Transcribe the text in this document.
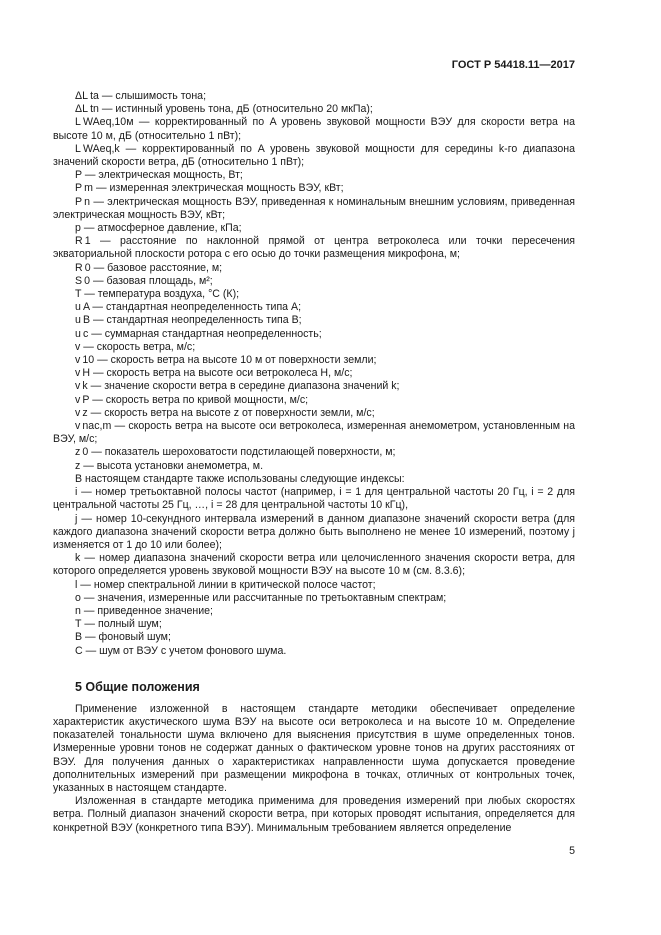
ГОСТ Р 54418.11—2017

ΔL ta — слышимость тона;

ΔL tn — истинный уровень тона, дБ (относительно 20 мкПа);

L WAeq,10м — корректированный по A уровень звуковой мощности ВЭУ для скорости ветра на высоте 10 м, дБ (относительно 1 пВт);

L WAeq,k — корректированный по A уровень звуковой мощности для середины k-го диапазона значений скорости ветра, дБ (относительно 1 пВт);

P — электрическая мощность, Вт;

P m — измеренная электрическая мощность ВЭУ, кВт;

P n — электрическая мощность ВЭУ, приведенная к номинальным внешним условиям, приведенная электрическая мощность ВЭУ, кВт;

p — атмосферное давление, кПа;

R 1 — расстояние по наклонной прямой от центра ветроколеса или точки пересечения экваториальной плоскости ротора с его осью до точки размещения микрофона, м;

R 0 — базовое расстояние, м;

S 0 — базовая площадь, м²;

T — температура воздуха, °С (К);

u A — стандартная неопределенность типа А;

u B — стандартная неопределенность типа В;

u c — суммарная стандартная неопределенность;

v — скорость ветра, м/с;

v 10 — скорость ветра на высоте 10 м от поверхности земли;

v H — скорость ветра на высоте оси ветроколеса H, м/с;

v k — значение скорости ветра в середине диапазона значений k;

v P — скорость ветра по кривой мощности, м/с;

v z — скорость ветра на высоте z от поверхности земли, м/с;

v nac,m — скорость ветра на высоте оси ветроколеса, измеренная анемометром, установленным на ВЭУ, м/с;

z 0 — показатель шероховатости подстилающей поверхности, м;

z — высота установки анемометра, м.

В настоящем стандарте также использованы следующие индексы:

i — номер третьоктавной полосы частот (например, i = 1 для центральной частоты 20 Гц, i = 2 для центральной частоты 25 Гц, …, i = 28 для центральной частоты 10 кГц),

j — номер 10-секундного интервала измерений в данном диапазоне значений скорости ветра (для каждого диапазона значений скорости ветра должно быть выполнено не менее 10 измерений, поэтому j изменяется от 1 до 10 или более);

k — номер диапазона значений скорости ветра или целочисленного значения скорости ветра, для которого определяется уровень звуковой мощности ВЭУ на высоте 10 м (см. 8.3.6);

l — номер спектральной линии в критической полосе частот;

o — значения, измеренные или рассчитанные по третьоктавным спектрам;

n — приведенное значение;

Т — полный шум;

В — фоновый шум;

С — шум от ВЭУ с учетом фонового шума.

5 Общие положения

Применение изложенной в настоящем стандарте методики обеспечивает определение характеристик акустического шума ВЭУ на высоте оси ветроколеса и на высоте 10 м. Определение показателей тональности шума включено для выяснения присутствия в шуме определенных тонов. Измеренные уровни тонов не содержат данных о фактическом уровне тонов на других расстояниях от ВЭУ. Для получения данных о характеристиках направленности шума допускается проведение дополнительных измерений при размещении микрофона в точках, отличных от контрольных точек, указанных в настоящем стандарте.

Изложенная в стандарте методика применима для проведения измерений при любых скоростях ветра. Полный диапазон значений скорости ветра, при которых проводят испытания, определяется для конкретной ВЭУ (конкретного типа ВЭУ). Минимальным требованием является определение

5
